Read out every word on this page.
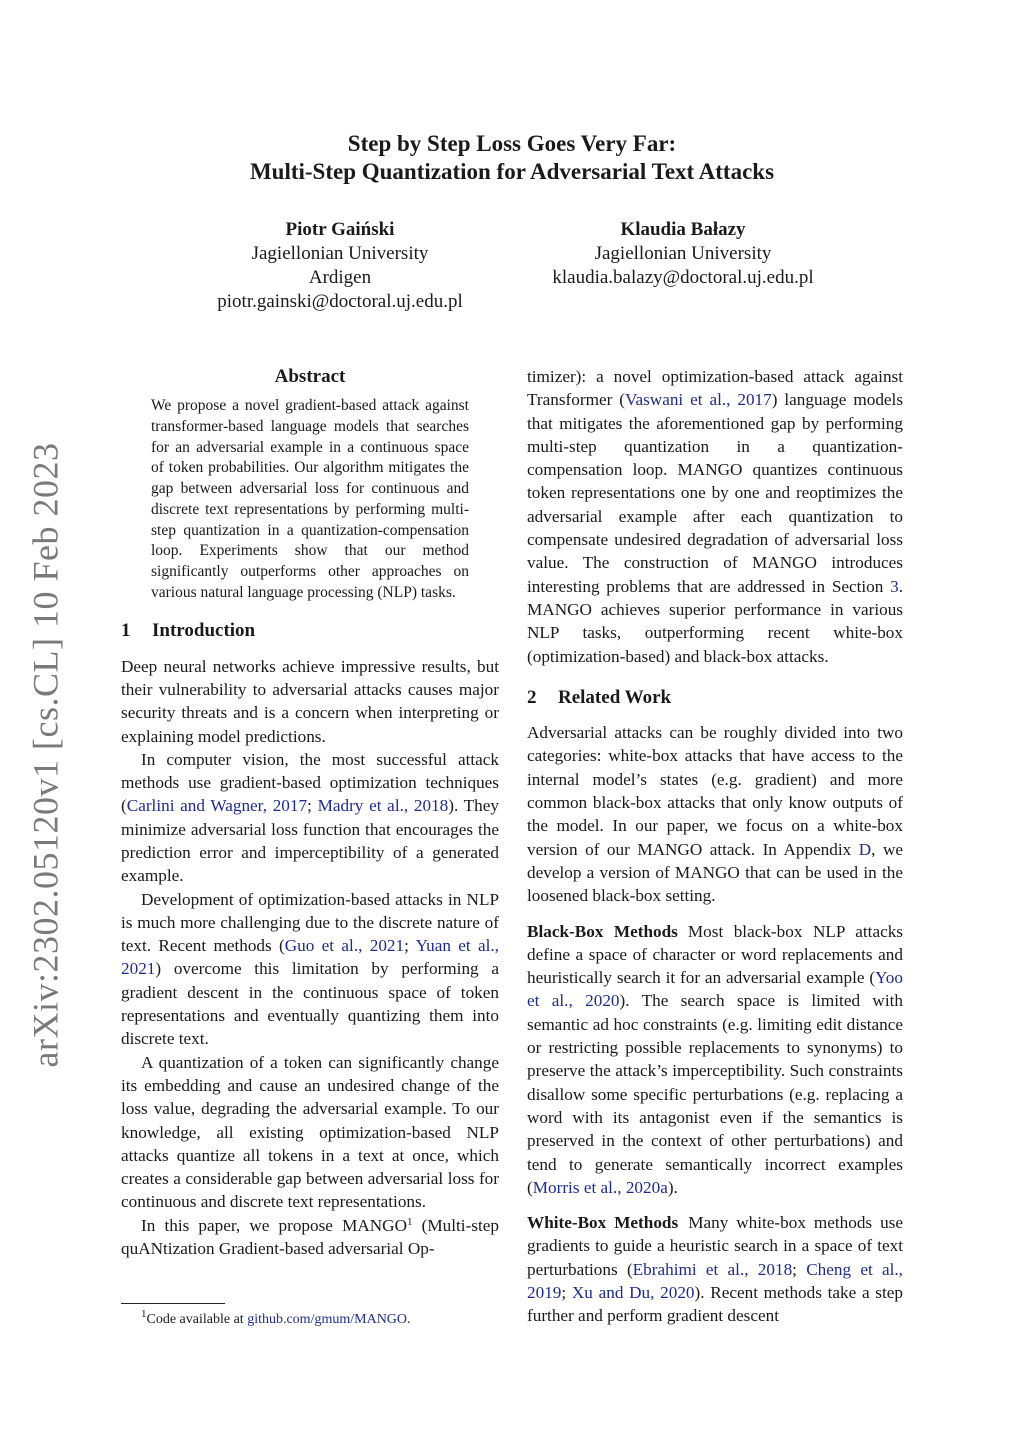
arXiv:2302.05120v1 [cs.CL] 10 Feb 2023
Step by Step Loss Goes Very Far:
Multi-Step Quantization for Adversarial Text Attacks
Piotr Gaiński
Jagiellonian University
Ardigen
piotr.gainski@doctoral.uj.edu.pl
Klaudia Bałazy
Jagiellonian University
klaudia.balazy@doctoral.uj.edu.pl
Abstract

We propose a novel gradient-based attack against transformer-based language models that searches for an adversarial example in a continuous space of token probabilities. Our algorithm mitigates the gap between adversarial loss for continuous and discrete text representations by performing multi-step quantization in a quantization-compensation loop. Experiments show that our method significantly outperforms other approaches on various natural language processing (NLP) tasks.

1 Introduction

Deep neural networks achieve impressive results, but their vulnerability to adversarial attacks causes major security threats and is a concern when interpreting or explaining model predictions.

In computer vision, the most successful attack methods use gradient-based optimization techniques (Carlini and Wagner, 2017; Madry et al., 2018). They minimize adversarial loss function that encourages the prediction error and imperceptibility of a generated example.

Development of optimization-based attacks in NLP is much more challenging due to the discrete nature of text. Recent methods (Guo et al., 2021; Yuan et al., 2021) overcome this limitation by performing a gradient descent in the continuous space of token representations and eventually quantizing them into discrete text.

A quantization of a token can significantly change its embedding and cause an undesired change of the loss value, degrading the adversarial example. To our knowledge, all existing optimization-based NLP attacks quantize all tokens in a text at once, which creates a considerable gap between adversarial loss for continuous and discrete text representations.

In this paper, we propose MANGO$^1$ (Multi-step quANtization Gradient-based adversarial Op-

$^1$Code available at github.com/gmum/MANGO.

timizer): a novel optimization-based attack against Transformer (Vaswani et al., 2017) language models that mitigates the aforementioned gap by performing multi-step quantization in a quantization-compensation loop. MANGO quantizes continuous token representations one by one and reoptimizes the adversarial example after each quantization to compensate undesired degradation of adversarial loss value. The construction of MANGO introduces interesting problems that are addressed in Section 3. MANGO achieves superior performance in various NLP tasks, outperforming recent white-box (optimization-based) and black-box attacks.

2 Related Work

Adversarial attacks can be roughly divided into two categories: white-box attacks that have access to the internal model’s states (e.g. gradient) and more common black-box attacks that only know outputs of the model. In our paper, we focus on a white-box version of our MANGO attack. In Appendix D, we develop a version of MANGO that can be used in the loosened black-box setting.

Black-Box Methods Most black-box NLP attacks define a space of character or word replacements and heuristically search it for an adversarial example (Yoo et al., 2020). The search space is limited with semantic ad hoc constraints (e.g. limiting edit distance or restricting possible replacements to synonyms) to preserve the attack’s imperceptibility. Such constraints disallow some specific perturbations (e.g. replacing a word with its antagonist even if the semantics is preserved in the context of other perturbations) and tend to generate semantically incorrect examples (Morris et al., 2020a).

White-Box Methods Many white-box methods use gradients to guide a heuristic search in a space of text perturbations (Ebrahimi et al., 2018; Cheng et al., 2019; Xu and Du, 2020). Recent methods take a step further and perform gradient descent
